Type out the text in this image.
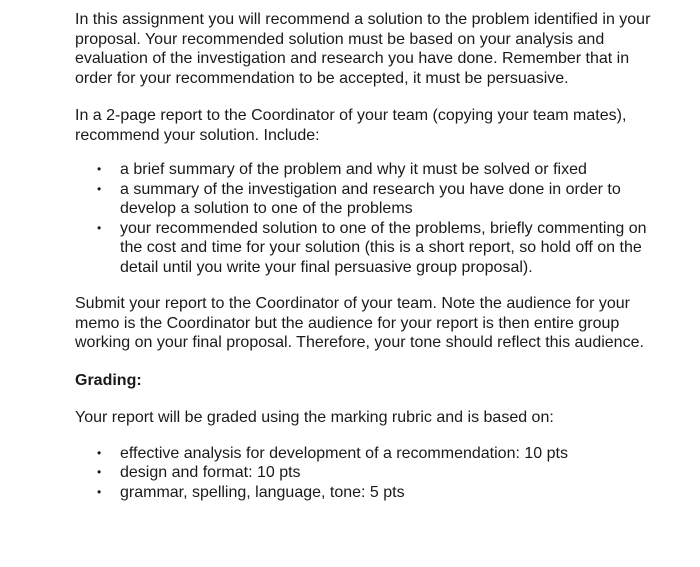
In this assignment you will recommend a solution to the problem identified in your proposal. Your recommended solution must be based on your analysis and evaluation of the investigation and research you have done. Remember that in order for your recommendation to be accepted, it must be persuasive.

In a 2-page report to the Coordinator of your team (copying your team mates), recommend your solution. Include:

• a brief summary of the problem and why it must be solved or fixed
• a summary of the investigation and research you have done in order to develop a solution to one of the problems
• your recommended solution to one of the problems, briefly commenting on the cost and time for your solution (this is a short report, so hold off on the detail until you write your final persuasive group proposal).

Submit your report to the Coordinator of your team. Note the audience for your memo is the Coordinator but the audience for your report is then entire group working on your final proposal. Therefore, your tone should reflect this audience.

Grading:

Your report will be graded using the marking rubric and is based on:

• effective analysis for development of a recommendation: 10 pts
• design and format: 10 pts
• grammar, spelling, language, tone: 5 pts
